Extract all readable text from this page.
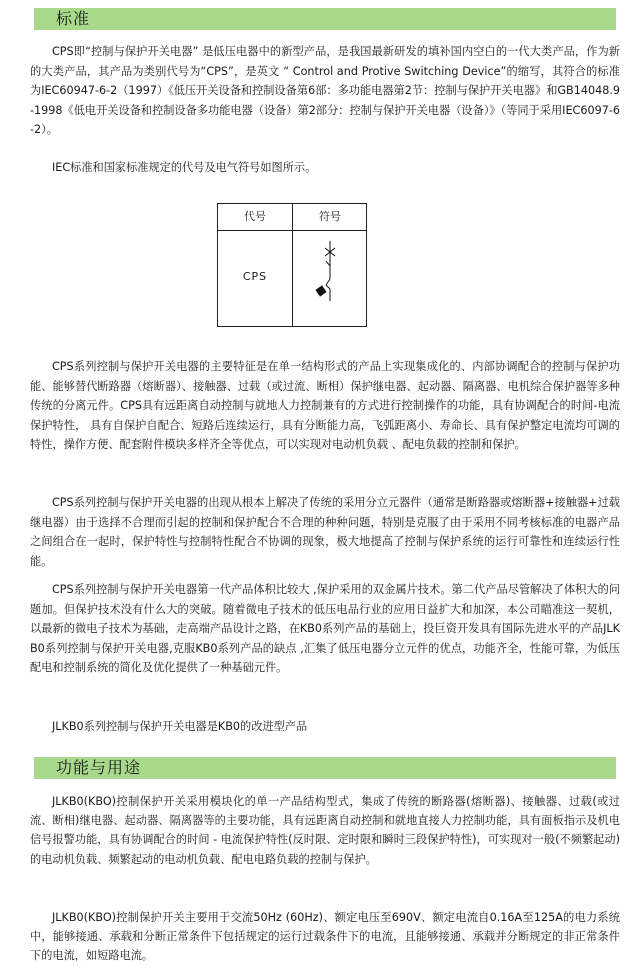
标准

CPS即“控制与保护开关电器” 是低压电器中的新型产品，是我国最新研发的填补国内空白的一代大类产品，作为新的大类产品，其产品为类别代号为“CPS”，是英文 “ Control and Protive Switching Device”的缩写，其符合的标准为IEC60947-6-2（1997）《低压开关设备和控制设备第6部：多功能电器第2节：控制与保护开关电器》和GB14048.9-1998《低电开关设备和控制设备多功能电器（设备）第2部分：控制与保护开关电器（设备）》（等同于采用IEC6097-6-2）。

IEC标准和国家标准规定的代号及电气符号如图所示。

代号	符号
CPS

CPS系列控制与保护开关电器的主要特征是在单一结构形式的产品上实现集成化的、内部协调配合的控制与保护功能、能够替代断路器（熔断器）、接触器、过载（或过流、断相）保护继电器、起动器、隔离器、电机综合保护器等多种传统的分离元件。CPS具有远距离自动控制与就地人力控制兼有的方式进行控制操作的功能，具有协调配合的时间-电流保护特性， 具有自保护自配合、短路后连续运行，具有分断能力高，飞弧距离小、寿命长、具有保护整定电流均可调的特性，操作方便、配套附件模块多样齐全等优点，可以实现对电动机负载 、配电负载的控制和保护。

CPS系列控制与保护开关电器的出现从根本上解决了传统的采用分立元器件（通常是断路器或熔断器+接触器+过载继电器）由于选择不合理而引起的控制和保护配合不合理的种种问题，特别是克服了由于采用不同考核标准的电器产品之间组合在一起时，保护特性与控制特性配合不协调的现象，极大地提高了控制与保护系统的运行可靠性和连续运行性能。

CPS系列控制与保护开关电器第一代产品体积比较大 ,保护采用的双金属片技术。第二代产品尽管解决了体积大的问题加。但保护技术没有什么大的突破。随着微电子技术的低压电品行业的应用日益扩大和加深，本公司瞄准这一契机，以最新的微电子技术为基础，走高端产品设计之路，在KB0系列产品的基础上，投巨资开发具有国际先进水平的产品JLKB0系列控制与保护开关电器,克服KB0系列产品的缺点 ,汇集了低压电器分立元件的优点，功能齐全，性能可靠，为低压配电和控制系统的简化及优化提供了一种基础元件。

JLKB0系列控制与保护开关电器是KB0的改进型产品

功能与用途

JLKB0(KBO)控制保护开关采用模块化的单一产品结构型式，集成了传统的断路器(熔断器)、接触器、过载(或过流、断相)继电器、起动器、隔离器等的主要功能，具有远距离自动控制和就地直接人力控制功能，具有面板指示及机电信号报警功能，具有协调配合的时间 - 电流保护特性(反时限、定时限和瞬时三段保护特性)，可实现对一般(不频繁起动)的电动机负载、频繁起动的电动机负载、配电电路负载的控制与保护。

JLKB0(KBO)控制保护开关主要用于交流50Hz (60Hz)、额定电压至690V、额定电流自0.16A至125A的电力系统中，能够接通、承载和分断正常条件下包括规定的运行过载条件下的电流，且能够接通、承载并分断规定的非正常条件下的电流，如短路电流。
